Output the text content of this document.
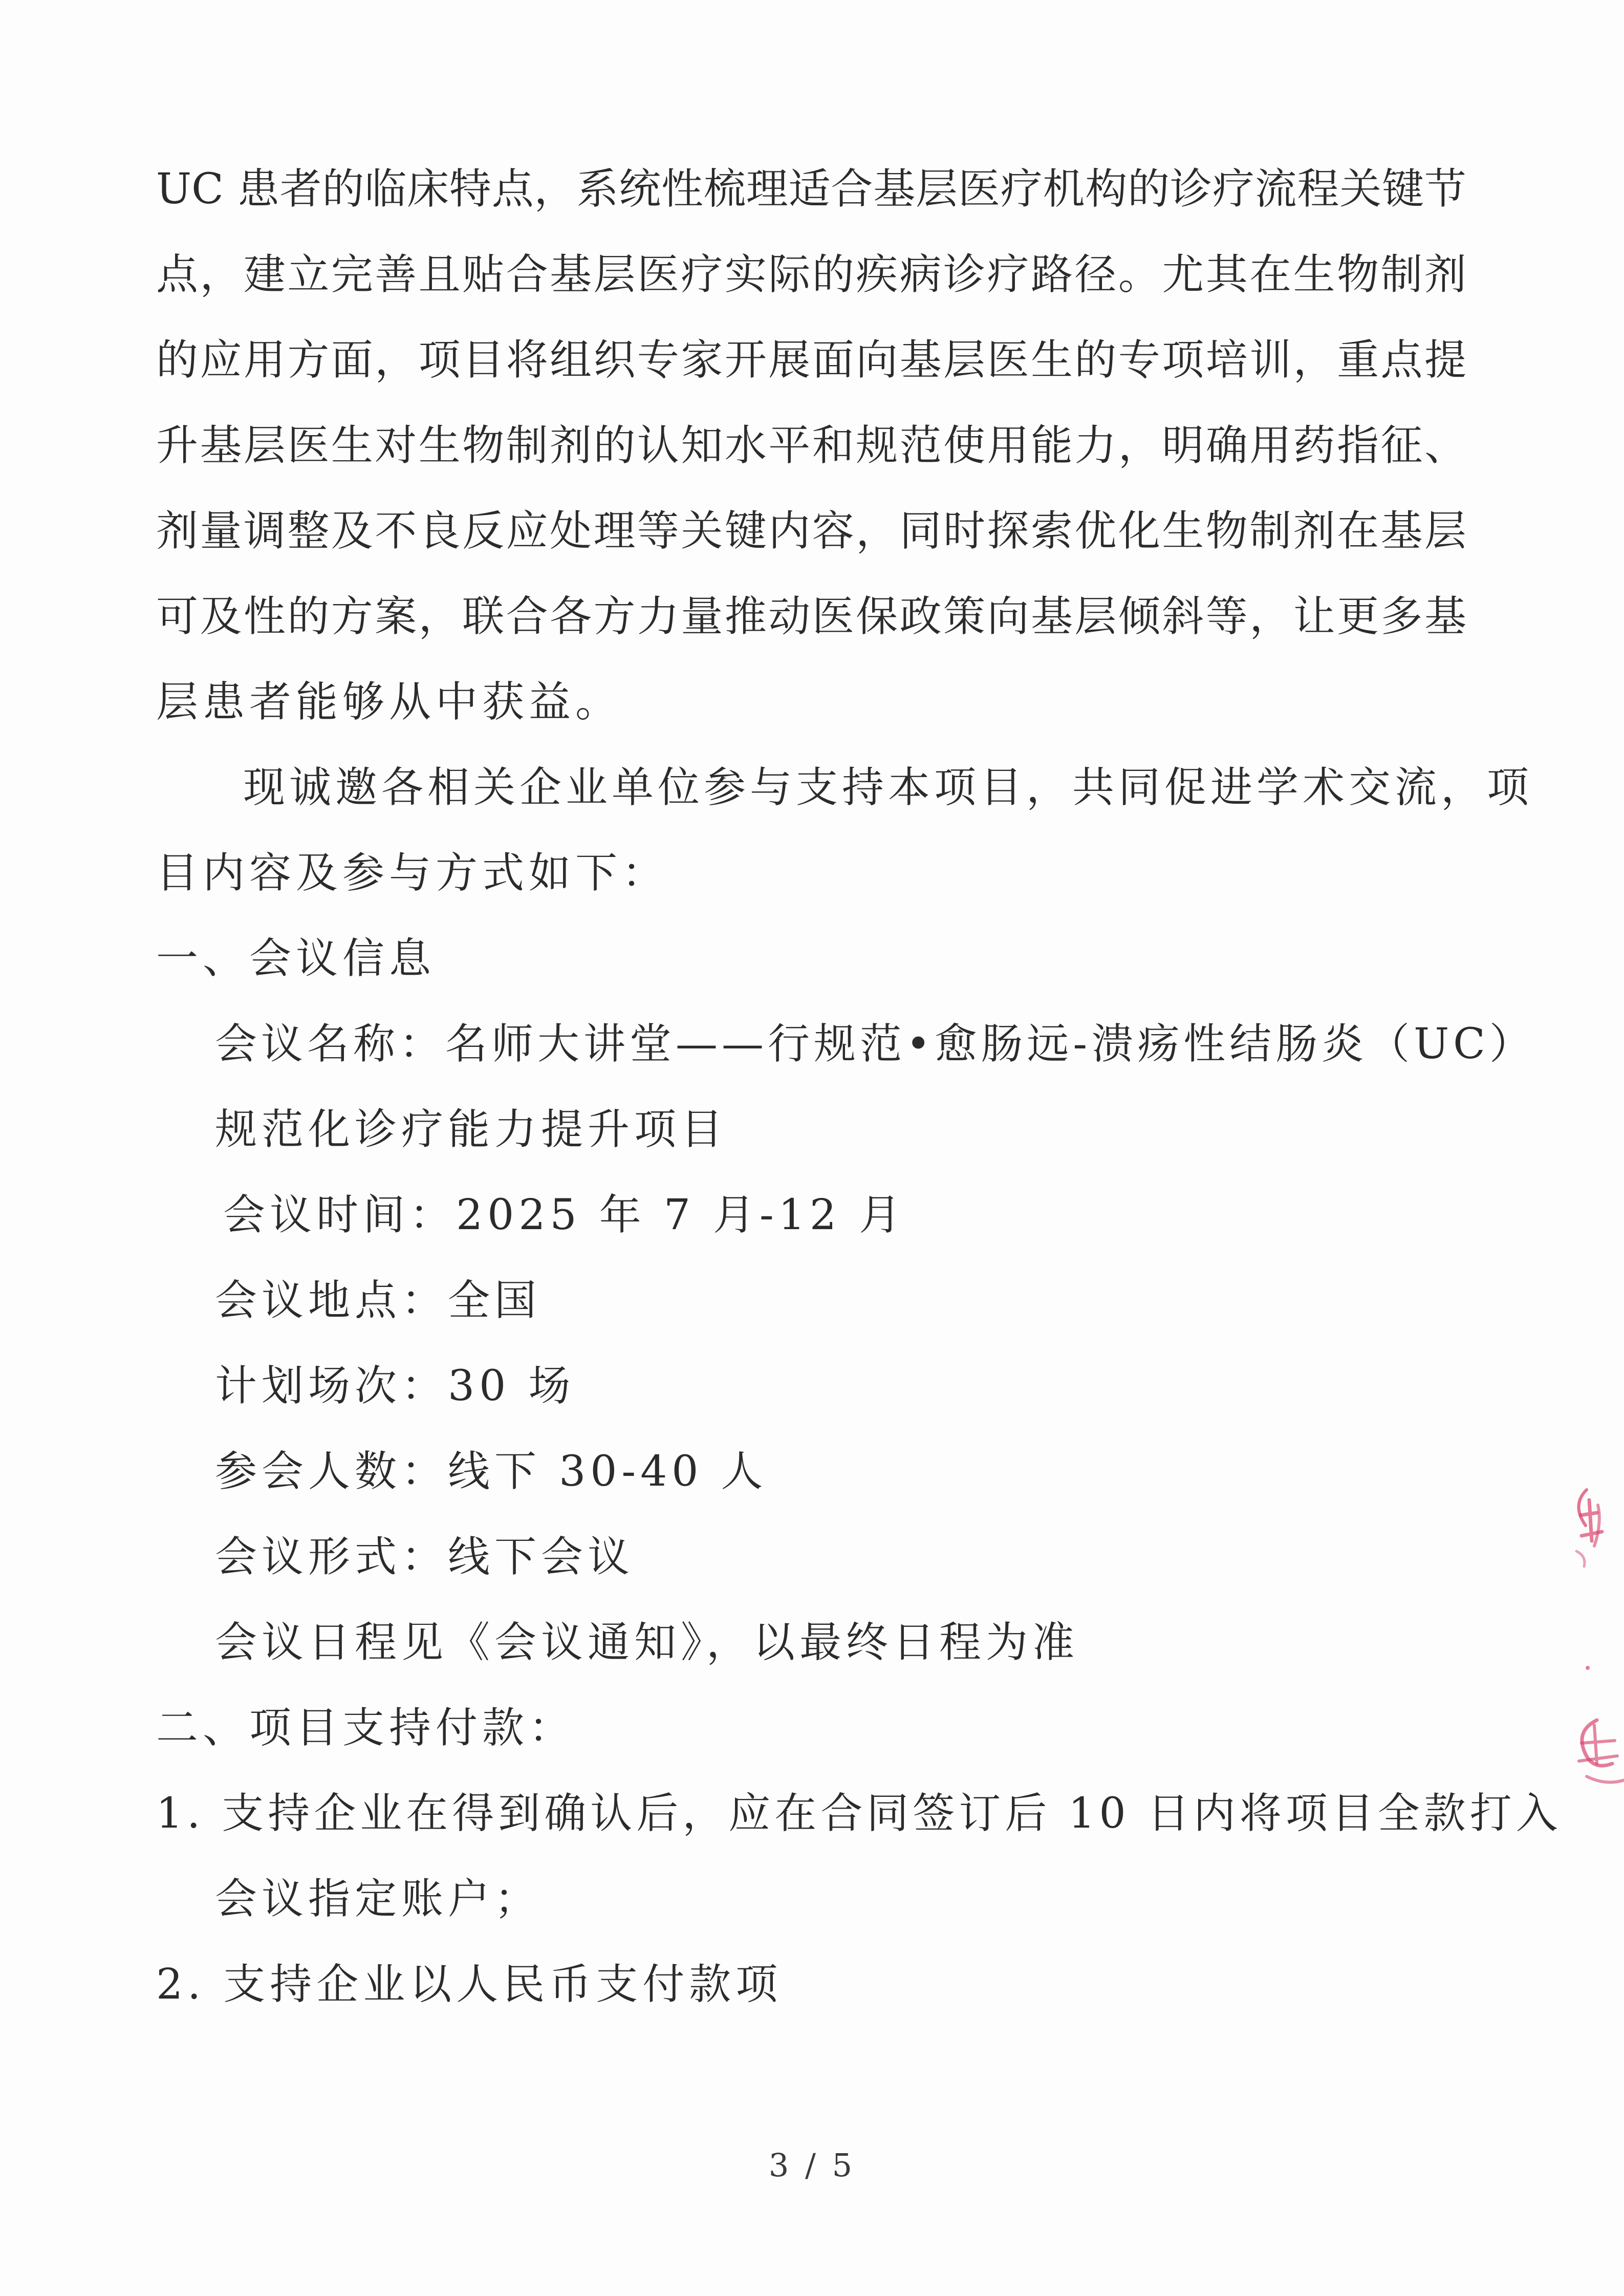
UC 患者的临床特点，系统性梳理适合基层医疗机构的诊疗流程关键节
点，建立完善且贴合基层医疗实际的疾病诊疗路径。尤其在生物制剂
的应用方面，项目将组织专家开展面向基层医生的专项培训，重点提
升基层医生对生物制剂的认知水平和规范使用能力，明确用药指征、
剂量调整及不良反应处理等关键内容，同时探索优化生物制剂在基层
可及性的方案，联合各方力量推动医保政策向基层倾斜等，让更多基
层患者能够从中获益。
现诚邀各相关企业单位参与支持本项目，共同促进学术交流，项
目内容及参与方式如下：
一、会议信息
会议名称：名师大讲堂——行规范•愈肠远-溃疡性结肠炎（UC）
规范化诊疗能力提升项目
会议时间：2025 年 7 月-12 月
会议地点：全国
计划场次：30 场
参会人数：线下 30-40 人
会议形式：线下会议
会议日程见《会议通知》，以最终日程为准
二、项目支持付款：
1. 支持企业在得到确认后，应在合同签订后 10 日内将项目全款打入
会议指定账户；
2. 支持企业以人民币支付款项
3 / 5
